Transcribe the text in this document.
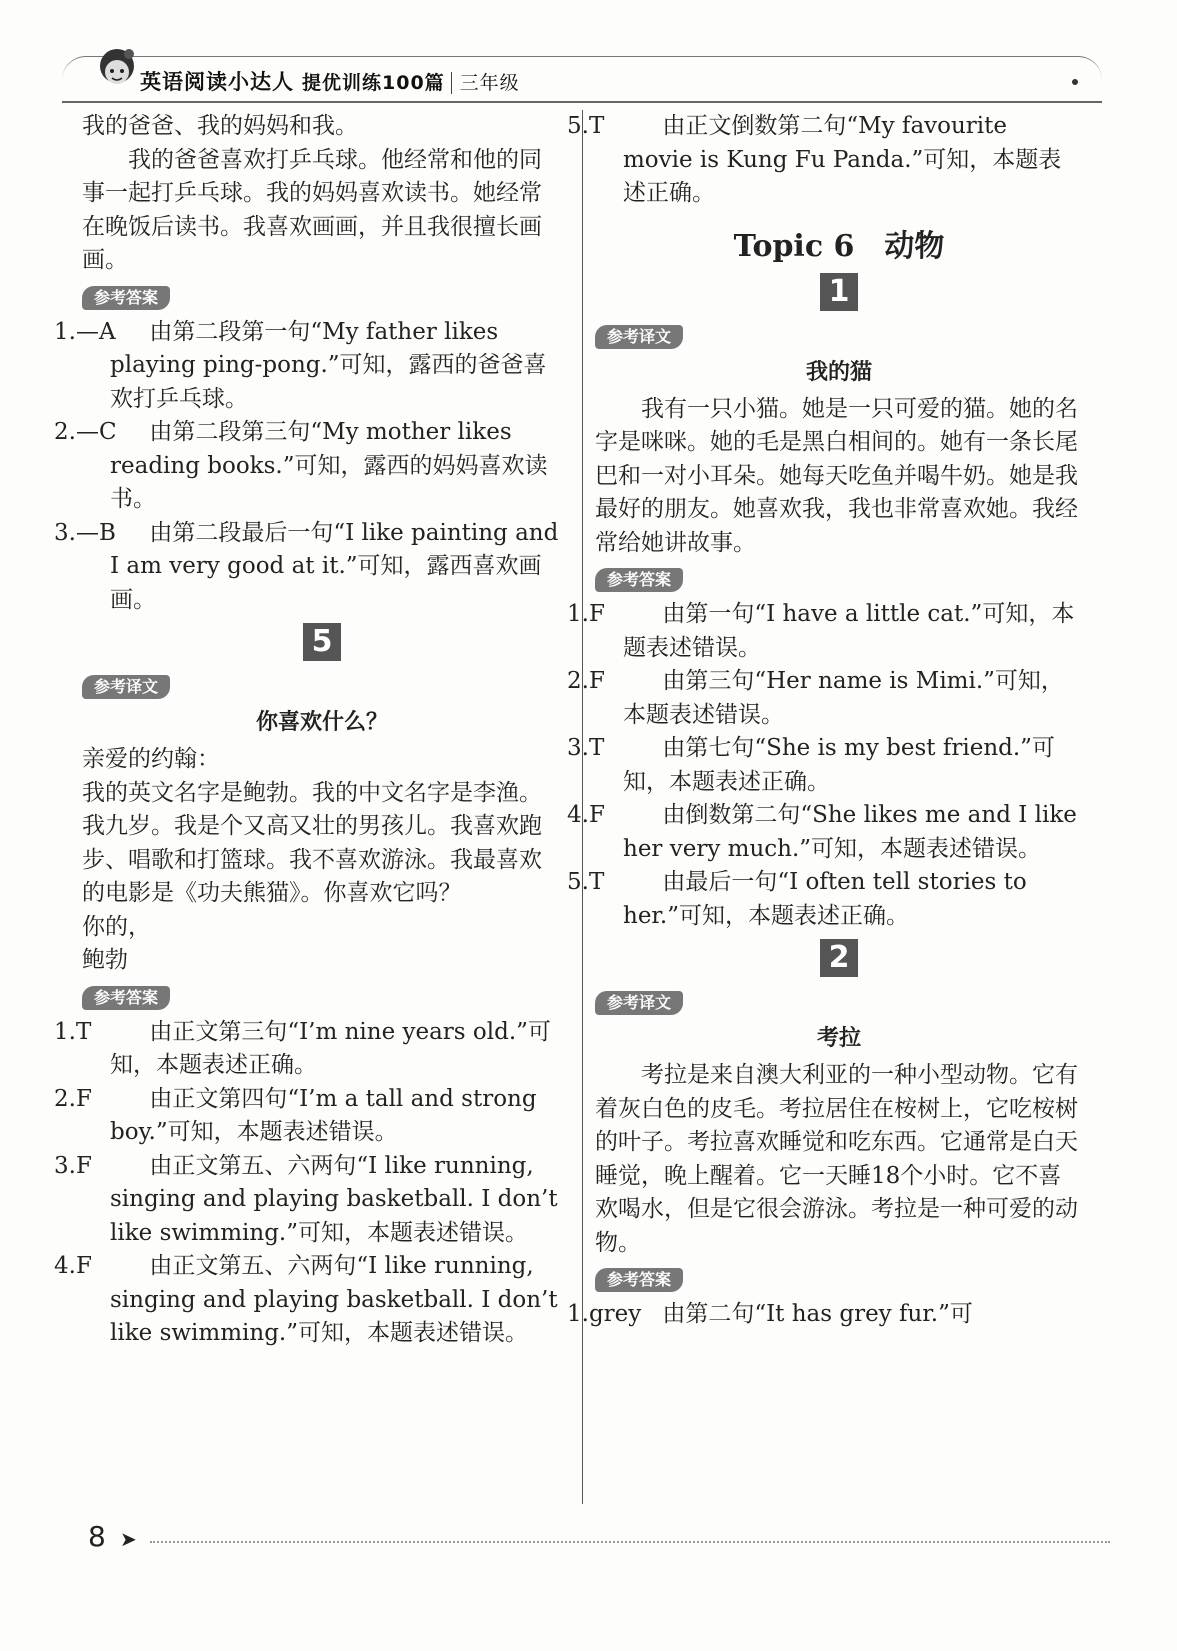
英语阅读小达人 提优训练100篇 三年级

我的爸爸、我的妈妈和我。

我的爸爸喜欢打乒乓球。他经常和他的同事一起打乒乓球。我的妈妈喜欢读书。她经常在晚饭后读书。我喜欢画画，并且我很擅长画画。

参考答案

1.—A 由第二段第一句“My father likes playing ping-pong.”可知，露西的爸爸喜欢打乒乓球。

2.—C 由第二段第三句“My mother likes reading books.”可知，露西的妈妈喜欢读书。

3.—B 由第二段最后一句“I like painting and I am very good at it.”可知，露西喜欢画画。

5
参考译文
你喜欢什么？

亲爱的约翰：

我的英文名字是鲍勃。我的中文名字是李渔。我九岁。我是个又高又壮的男孩儿。我喜欢跑步、唱歌和打篮球。我不喜欢游泳。我最喜欢的电影是《功夫熊猫》。你喜欢它吗？

你的，

鲍勃

参考答案

1.T	由正文第三句“I’m nine years old.”可知，本题表述正确。

2.F 由正文第四句“I’m a tall and strong boy.”可知，本题表述错误。

3.F 由正文第五、六两句“I like running, singing and playing basketball. I don’t like swimming.”可知，本题表述错误。

4.F 由正文第五、六两句“I like running, singing and playing basketball. I don’t like swimming.”可知，本题表述错误。

5.T	由正文倒数第二句“My favourite movie is Kung Fu Panda.”可知，本题表述正确。

Topic 6　动物
1
参考译文
我的猫

我有一只小猫。她是一只可爱的猫。她的名字是咪咪。她的毛是黑白相间的。她有一条长尾巴和一对小耳朵。她每天吃鱼并喝牛奶。她是我最好的朋友。她喜欢我，我也非常喜欢她。我经常给她讲故事。

参考答案

1.F 由第一句“I have a little cat.”可知，本题表述错误。

2.F 由第三句“Her name is Mimi.”可知，本题表述错误。

3.T	由第七句“She is my best friend.”可知，本题表述正确。

4.F 由倒数第二句“She likes me and I like her very much.”可知，本题表述错误。

5.T	由最后一句“I often tell stories to her.”可知，本题表述正确。

2
参考译文
考拉

考拉是来自澳大利亚的一种小型动物。它有着灰白色的皮毛。考拉居住在桉树上，它吃桉树的叶子。考拉喜欢睡觉和吃东西。它通常是白天睡觉，晚上醒着。它一天睡18个小时。它不喜欢喝水，但是它很会游泳。考拉是一种可爱的动物。

参考答案

1.grey 由第二句“It has grey fur.”可

8 ➤
